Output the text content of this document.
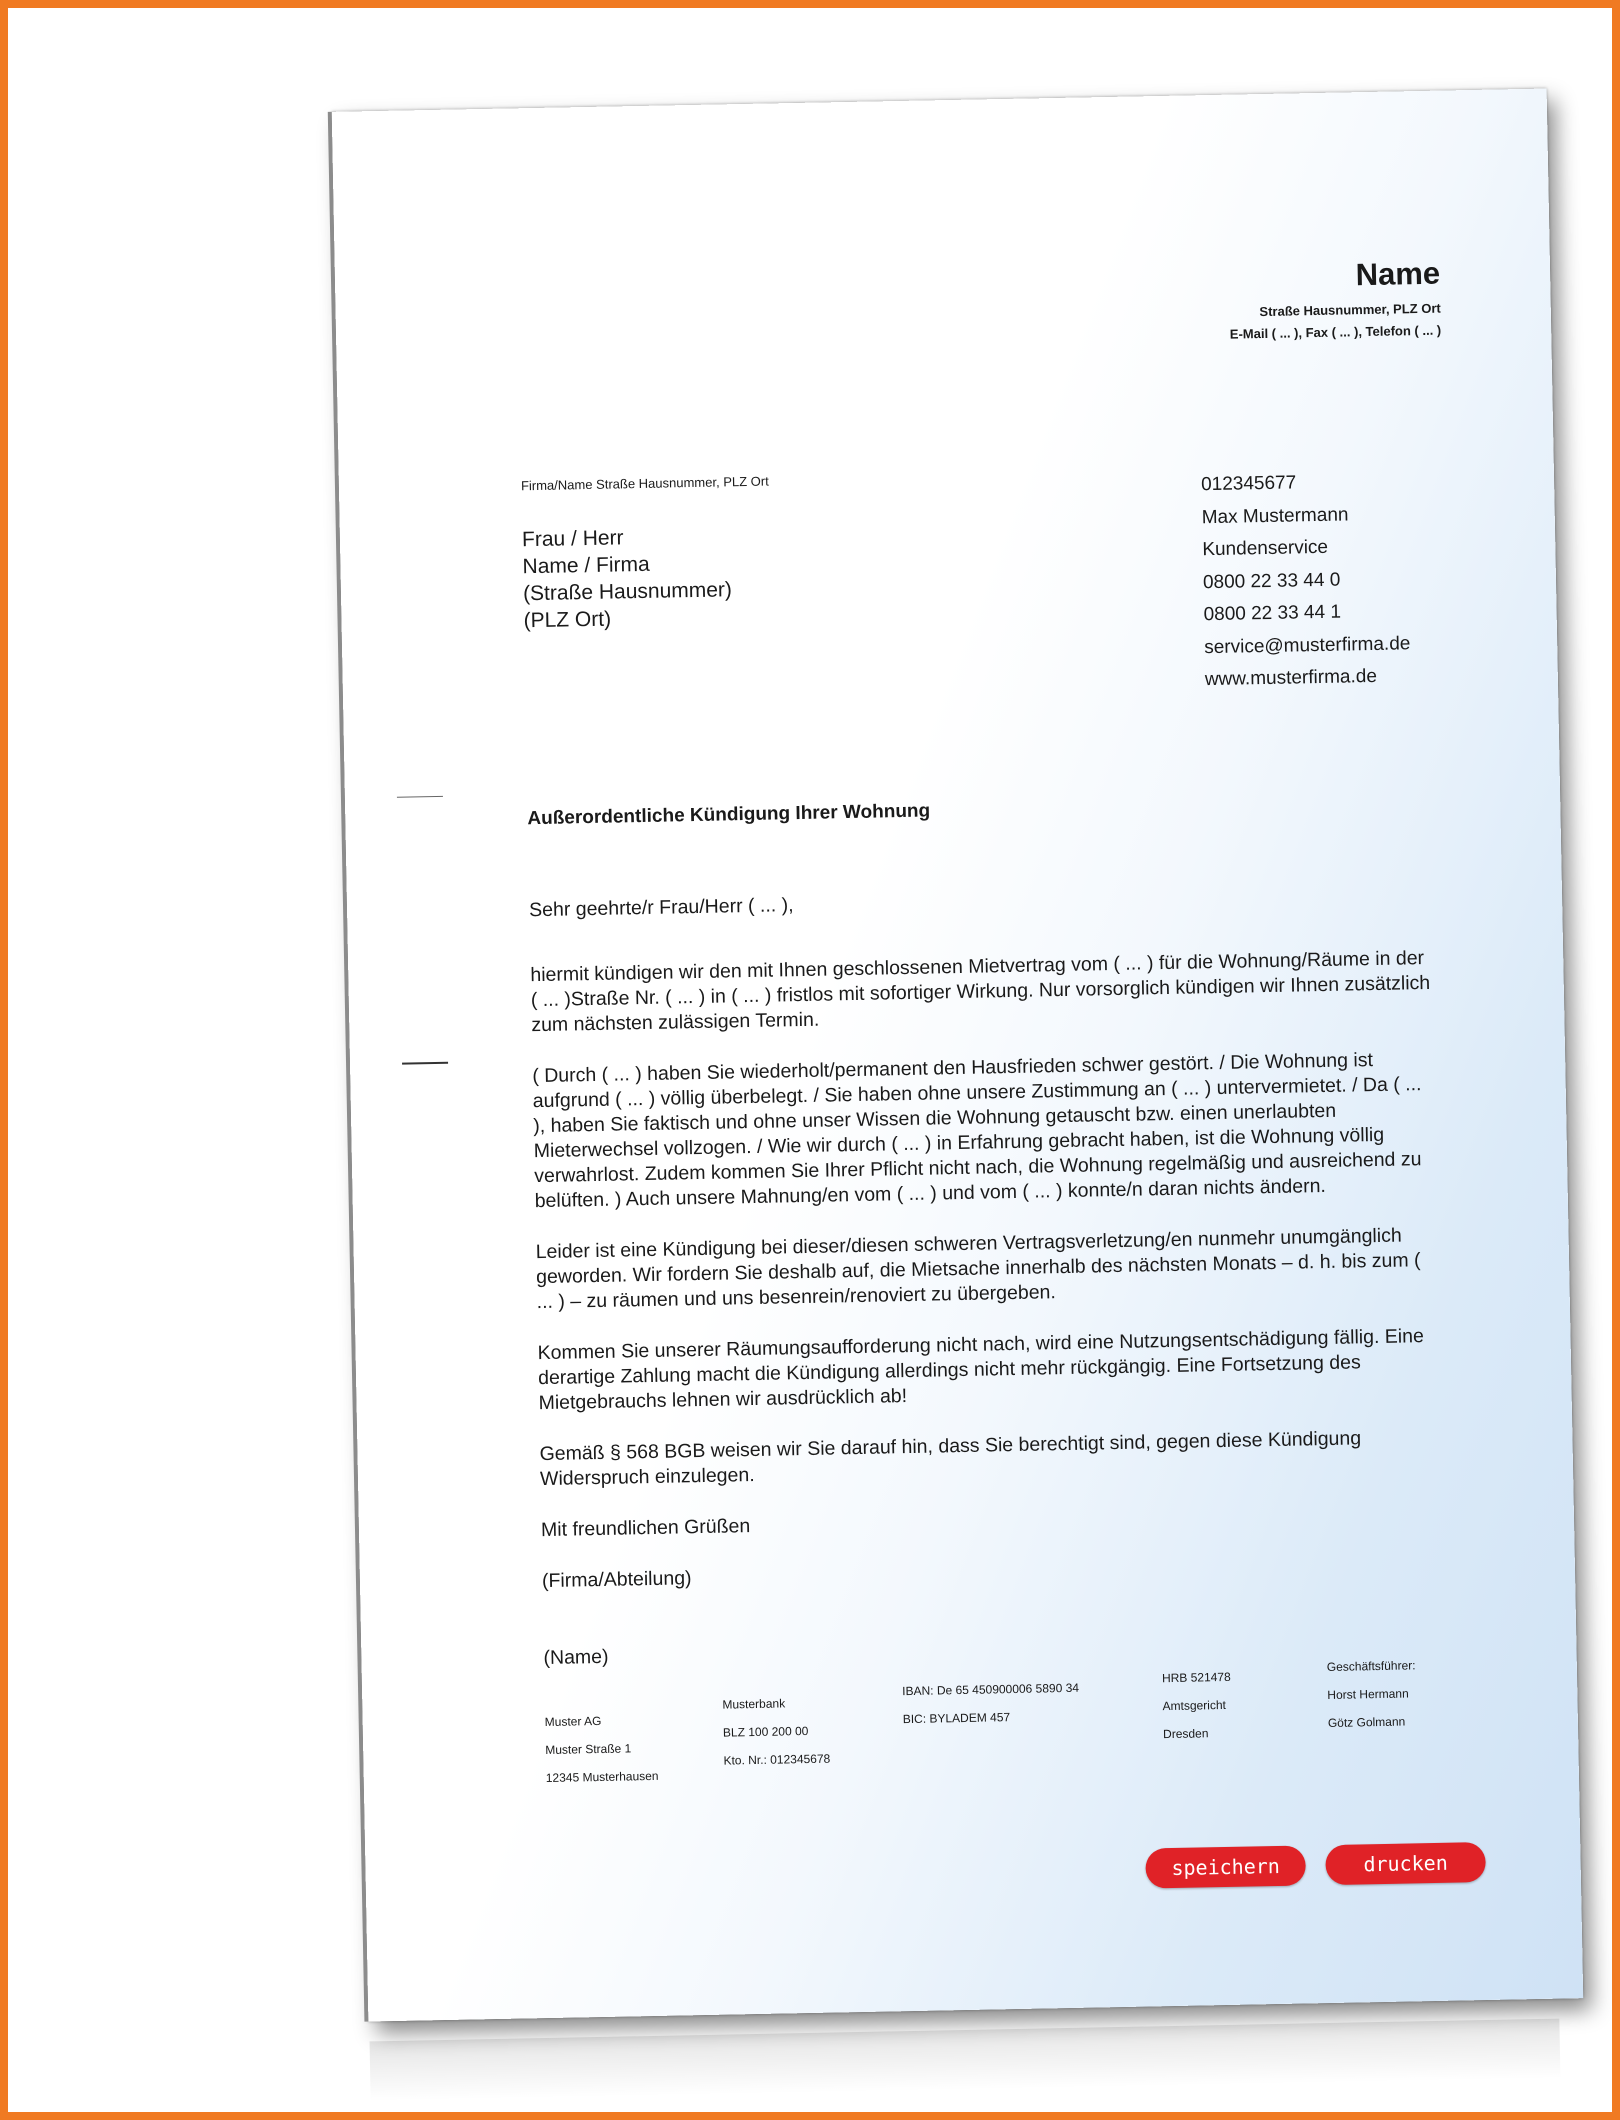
Name
Straße Hausnummer, PLZ Ort
E-Mail ( ... ), Fax ( ... ), Telefon ( ... )
Firma/Name Straße Hausnummer, PLZ Ort
Frau / Herr
Name / Firma
(Straße Hausnummer)
(PLZ Ort)
012345677
Max Mustermann
Kundenservice
0800 22 33 44 0
0800 22 33 44 1
service@musterfirma.de
www.musterfirma.de
Außerordentliche Kündigung Ihrer Wohnung

Sehr geehrte/r Frau/Herr ( ... ),

hiermit kündigen wir den mit Ihnen geschlossenen Mietvertrag vom ( ... ) für die Wohnung/Räume in der ( ... )Straße Nr. ( ... ) in ( ... ) fristlos mit sofortiger Wirkung. Nur vorsorglich kündigen wir Ihnen zusätzlich zum nächsten zulässigen Termin.

( Durch ( ... ) haben Sie wiederholt/permanent den Hausfrieden schwer gestört. / Die Wohnung ist aufgrund ( ... ) völlig überbelegt. / Sie haben ohne unsere Zustimmung an ( ... ) untervermietet. / Da ( ... ), haben Sie faktisch und ohne unser Wissen die Wohnung getauscht bzw. einen unerlaubten Mieterwechsel vollzogen. / Wie wir durch ( ... ) in Erfahrung gebracht haben, ist die Wohnung völlig verwahrlost. Zudem kommen Sie Ihrer Pflicht nicht nach, die Wohnung regelmäßig und ausreichend zu belüften. ) Auch unsere Mahnung/en vom ( ... ) und vom ( ... ) konnte/n daran nichts ändern.

Leider ist eine Kündigung bei dieser/diesen schweren Vertragsverletzung/en nunmehr unumgänglich geworden. Wir fordern Sie deshalb auf, die Mietsache innerhalb des nächsten Monats – d. h. bis zum ( ... ) – zu räumen und uns besenrein/renoviert zu übergeben.

Kommen Sie unserer Räumungsaufforderung nicht nach, wird eine Nutzungsentschädigung fällig. Eine derartige Zahlung macht die Kündigung allerdings nicht mehr rückgängig. Eine Fortsetzung des Mietgebrauchs lehnen wir ausdrücklich ab!

Gemäß § 568 BGB weisen wir Sie darauf hin, dass Sie berechtigt sind, gegen diese Kündigung Widerspruch einzulegen.

Mit freundlichen Grüßen

(Firma/Abteilung)

(Name)

Muster AG
Muster Straße 1
12345 Musterhausen
Musterbank
BLZ 100 200 00
Kto. Nr.: 012345678
IBAN: De 65 450900006 5890 34
BIC: BYLADEM 457
HRB 521478
Amtsgericht
Dresden
Geschäftsführer:
Horst Hermann
Götz Golmann
speichern	drucken
